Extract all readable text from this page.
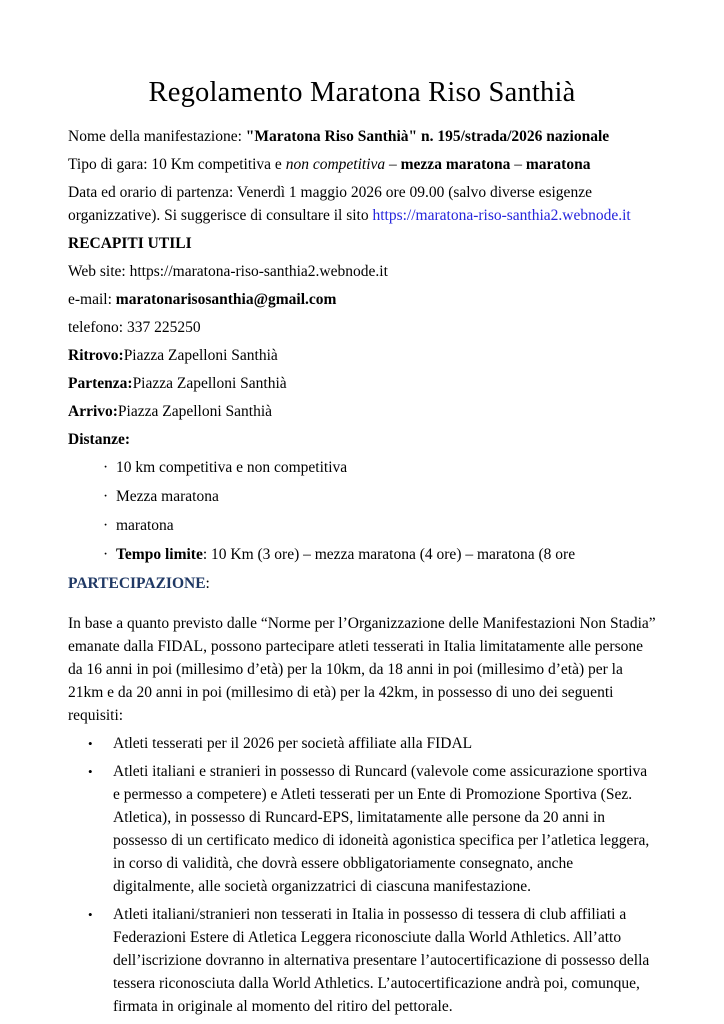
Regolamento Maratona Riso Santhià

Nome della manifestazione: "Maratona Riso Santhià" n. 195/strada/2026 nazionale

Tipo di gara: 10 Km competitiva e non competitiva – mezza maratona – maratona

Data ed orario di partenza: Venerdì 1 maggio 2026 ore 09.00 (salvo diverse esigenze organizzative). Si suggerisce di consultare il sito https://maratona-riso-santhia2.webnode.it

RECAPITI UTILI

Web site: https://maratona-riso-santhia2.webnode.it

e-mail: maratonarisosanthia@gmail.com

telefono: 337 225250

Ritrovo:Piazza Zapelloni Santhià

Partenza:Piazza Zapelloni Santhià

Arrivo:Piazza Zapelloni Santhià

Distanze:

· 10 km competitiva e non competitiva
· Mezza maratona
· maratona
· Tempo limite: 10 Km (3 ore) – mezza maratona (4 ore) – maratona (8 ore

PARTECIPAZIONE:

In base a quanto previsto dalle “Norme per l’Organizzazione delle Manifestazioni Non Stadia” emanate dalla FIDAL, possono partecipare atleti tesserati in Italia limitatamente alle persone da 16 anni in poi (millesimo d’età) per la 10km, da 18 anni in poi (millesimo d’età) per la 21km e da 20 anni in poi (millesimo di età) per la 42km, in possesso di uno dei seguenti requisiti:

•	Atleti tesserati per il 2026 per società affiliate alla FIDAL
•	Atleti italiani e stranieri in possesso di Runcard (valevole come assicurazione sportiva e permesso a competere) e Atleti tesserati per un Ente di Promozione Sportiva (Sez. Atletica), in possesso di Runcard-EPS, limitatamente alle persone da 20 anni in possesso di un certificato medico di idoneità agonistica specifica per l’atletica leggera, in corso di validità, che dovrà essere obbligatoriamente consegnato, anche digitalmente, alle società organizzatrici di ciascuna manifestazione.
•	Atleti italiani/stranieri non tesserati in Italia in possesso di tessera di club affiliati a Federazioni Estere di Atletica Leggera riconosciute dalla World Athletics. All’atto dell’iscrizione dovranno in alternativa presentare l’autocertificazione di possesso della tessera riconosciuta dalla World Athletics. L’autocertificazione andrà poi, comunque, firmata in originale al momento del ritiro del pettorale.
